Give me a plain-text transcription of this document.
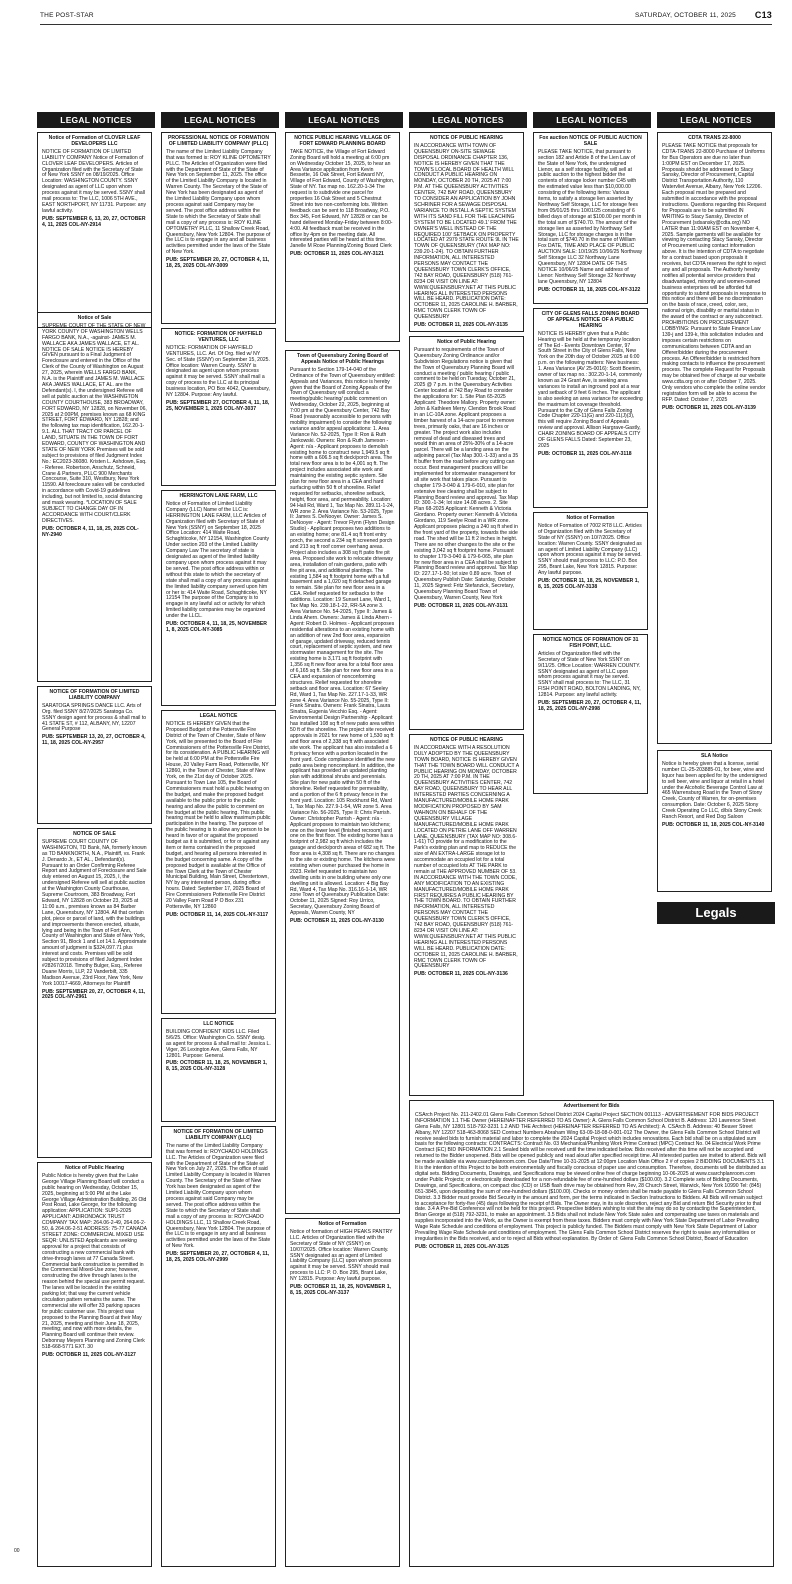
THE POST-STAR	SATURDAY, OCTOBER 11, 2025 C13
LEGAL NOTICES	LEGAL NOTICES	LEGAL NOTICES	LEGAL NOTICES	LEGAL NOTICES	LEGAL NOTICES
Notice of Formation of CLOVER LEAF DEVELOPERS LLC
NOTICE OF FORMATION OF LIMITED LIABILITY COMPANY Notice of Formation of CLOVER LEAF DEVELOPERS. Articles of Organization filed with the Secretary of State of New York SSNY on 08/19/2025. Office Location: WASHINGTON COUNTY. SSNY designated as agent of LLC upon whom process against it may be served. SSNY shall mail process to: The LLC, 1006 5TH AVE., EAST NORTHPORT, NY 11731. Purpose: any lawful activity.
PUB: SEPTEMBER 6, 13, 20, 27, OCTOBER 4, 11, 2025 COL-NY-2914
Notice of Sale
SUPREME COURT OF THE STATE OF NEW YORK COUNTY OF WASHINGTON WELLS FARGO BANK, N.A., -against- JAMES M. WALLACE AKA JAMES WALLACE, ET AL. NOTICE OF SALE NOTICE IS HEREBY GIVEN pursuant to a Final Judgment of Foreclosure and entered in the Office of the Clerk of the County of Washington on August 27, 2025, wherein WELLS FARGO BANK, N.A. is the Plaintiff and JAMES M. WALLACE AKA JAMES WALLACE, ET AL. are the Defendant(s). I, the undersigned Referee will sell at public auction at the WASHINGTON COUNTY COURTHOUSE, 383 BROADWAY, FORT EDWARD, NY 12828, on November 06, 2025 at 2:00PM, premises known as 68 KING STREET, FORT EDWARD, NY 12828; and the following tax map identification, 162.20-1-9.1. ALL THAT TRACT OR PARCEL OF LAND, SITUATE IN THE TOWN OF FORT EDWARD, COUNTY OF WASHINGTON AND STATE OF NEW YORK Premises will be sold subject to provisions of filed Judgment Index No.: EC2023-36080. Kristen L. Ashdown, Esq. - Referee. Robertson, Anschutz, Schneid, Crane & Partners, PLLC 900 Merchants Concourse, Suite 310, Westbury, New York 11590. All foreclosure sales will be conducted in accordance with Covid-19 guidelines including, but not limited to, social distancing and mask wearing. *LOCATION OF SALE SUBJECT TO CHANGE DAY OF IN ACCORDANCE WITH COURT/CLERK DIRECTIVES.
PUB: OCTOBER 4, 11, 18, 25, 2025 COL-NY-2940
NOTICE OF FORMATION OF LIMITED LIABILITY COMPANY
SARATOGA SPRINGS DANCE LLC. Arts of Org. filed SSNY 8/27/2025 Saratoga Co. SSNY design agent for process & shall mail to 41 STATE ST, # 112, ALBANY, NY, 12207 General Purpose
PUB: SEPTEMBER 13, 20, 27, OCTOBER 4, 11, 18, 2025 COL-NY-2957
NOTICE OF SALE
SUPREME COURT COUNTY OF WASHINGTON, TD Bank, NA, formerly known as TD BANKNORTH, N.A., Plaintiff, vs. Frank J. Denardo Jr., ET AL., Defendant(s). Pursuant to an Order Confirming Referee Report and Judgment of Foreclosure and Sale duly entered on August 15, 2025, I, the undersigned Referee will sell at public auction at the Washington County Courthouse, Supreme Courtroom, 383 Broadway, Fort Edward, NY 12828 on October 23, 2025 at 11:00 a.m., premises known as 84 Barber Lane, Queensbury, NY 12804. All that certain plot, piece or parcel of land, with the buildings and improvements thereon erected, situate, lying and being in the Town of Fort Ann, County of Washington and State of New York, Section 91, Block 1 and Lot 14.1. Approximate amount of judgment is $324,097.71 plus interest and costs. Premises will be sold subject to provisions of filed Judgment Index #28267/2018. Timothy Bulger, Esq., Referee Duane Morris, LLP, 22 Vanderbilt, 335 Madison Avenue, 23rd Floor, New York, New York 10017-4669, Attorneys for Plaintiff
PUB: SEPTEMBER 20, 27, OCTOBER 4, 11, 2025 COL-NY-2961
Notice of Public Hearing
Public Notice is hereby given that the Lake George Village Planning Board will conduct a public hearing on Wednesday, October 15, 2025, beginning at 5:00 PM at the Lake George Village Administration Building, 26 Old Post Road, Lake George, for the following application: APPLICATION: SUP1-2025 APPLICANT: ADIRONDACK TRUST COMPANY TAX MAP: 264.06-2-49, 264.06-2-50, & 264.06-2-51 ADDRESS: 75-77 CANADA STREET ZONE: COMMERCIAL MIXED USE SEQR: UNLISTED Applicants are seeking approval for a project that consists of constructing a new commercial bank with drive-through lanes at 77 Canada Street. Commercial bank construction is permitted in the Commercial Mixed-Use zone; however, constructing the drive through lanes is the reason behind the special use permit request. The lanes will be located in the existing parking lot; that way the current vehicle circulation pattern remains the same. The commercial site will offer 33 parking spaces for public customer use. This project was proposed to the Planning Board at their May 21, 2025, meeting and their June 18, 2025, meeting; and now with more details, the Planning Board will continue their review. Debonnay Meyers Planning and Zoning Clerk 518-668-5771 EXT. 30
PUB: OCTOBER 11, 2025 COL-NY-3127
PROFESSIONAL NOTICE OF FORMATION OF LIMITED LIABILITY COMPANY (PLLC)
The name of the Limited Liability Company that was formed is: ROY KLINE OPTOMETRY PLLC. The Articles of Organization were filed with the Department of State of the State of New York on September 11, 2025. The office of the Limited Liability Company is located in Warren County. The Secretary of the State of New York has been designated as agent of the Limited Liability Company upon whom process against said Company may be served. The post office address within the State to which the Secretary of State shall mail a copy of any process is: ROY KLINE OPTOMETRY PLLC, 11 Shallow Creek Road, Queensbury, New York 12804. The purpose of the LLC is to engage in any and all business activities permitted under the laws of the State of New York.
PUB: SEPTEMBER 20, 27, OCTOBER 4, 11, 18, 25, 2025 COL-NY-3009
NOTICE: FORMATION OF HAYFIELD VENTURES, LLC
NOTICE: FORMATION OF HAYFIELD VENTURES, LLC. Art. Of Org. filed w/ NY Sec. of State (SSNY) on September 15, 2025. Office location: Warren County. SSNY is designated as agent upon whom process against it may be served. SSNY shall mail a copy of process to the LLC at its principal business location, PO Box 4042, Queensbury, NY 12804. Purpose: Any lawful.
PUB: SEPTEMBER 27, OCTOBER 4, 11, 18, 25, NOVEMBER 1, 2025 COL-NY-3037
HERRINGTON LANE FARM, LLC
Notice of Formation of Limited Liability Company (LLC) Name of the LLC is: HERRINGTON LANE FARM, LLC Articles of Organization filed with Secretary of State of New York (SSNY) on September 18, 2025 Office Location: 414 Waite Road, Schaghticoke, NY 12154, Washington County Under section 203 of the Limited Liability Company Law The secretary of state is designated as agent of the limited liability company upon whom process against it may be served. The post office address within or without this state to which the secretary of state shall mail a copy of any process against the limited liability company served upon him or her is: 414 Waite Road, Schaghticoke, NY 12154 The purpose of the Company is to engage in any lawful act or activity for which limited liability companies may be organized under the LLCL.
PUB: OCTOBER 4, 11, 18, 25, NOVEMBER 1, 8, 2025 COL-NY-3085
LEGAL NOTICE
NOTICE IS HEREBY GIVEN that the Proposed Budget of the Pottersville Fire District of the Town of Chester, State of New York, will be presented to the Board of Fire Commissioners of the Pottersville Fire District, for its consideration. A PUBLIC HEARING will be held at 6:00 PM at the Pottersville Fire House, 20 Valley Farm Road, Pottersville, NY 12860, in the Town of Chester, State of New York, on the 21st day of October 2025. Pursuant to Town Law 105, the Board of Commissioners must hold a public hearing on the budget, and make the proposed budget available to the public prior to the public hearing and allow the public to comment on the budget at the public hearing. This public hearing must be held to allow maximum public participation in the hearing. The purpose of the public hearing is to allow any person to be heard in favor of or against the proposed budget as it is submitted, or for or against any item or items contained in the proposed budget, and hearing all persons interested in the budget concerning same. A copy of the proposed budget is available at the Office of the Town Clerk at the Town of Chester Municipal Building, Main Street, Chestertown, NY by any interested person, during office hours. Dated: September 17, 2025 Board of Fire Commissioners Pottersville Fire District 20 Valley Farm Road P O Box 231 Pottersville, NY 12860
PUB: OCTOBER 11, 14, 2025 COL-NY-3117
LLC NOTICE
BUILDING CONFIDENT KIDS LLC. Filed 5/6/25. Office: Washington Co. SSNY desig. as agent for process & shall mail to: Jessica L. Viger, 26 Lexington Ave, Glens Falls, NY 12801. Purpose: General.
PUB: OCTOBER 11, 18, 25, NOVEMBER 1, 8, 15, 2025 COL-NY-3128
NOTICE OF FORMATION OF LIMITED LIABILITY COMPANY (LLC)
The name of the Limited Liability Company that was formed is: ROYCHADO HOLDINGS LLC. The Articles of Organization were filed with the Department of State of the State of New York on July 27, 2025. The office of said Limited Liability Company is located in Warren County. The Secretary of the State of New York has been designated as agent of the Limited Liability Company upon whom process against said Company may be served. The post office address within the State to which the Secretary of State shall mail a copy of any process is: ROYCHADO HOLDINGS LLC, 11 Shallow Creek Road, Queensbury, New York 12804. The purpose of the LLC is to engage in any and all business activities permitted under the laws of the State of New York.
PUB: SEPTEMBER 20, 27, OCTOBER 4, 11, 18, 25, 2025 COL-NY-2999
NOTICE PUBLIC HEARING VILLAGE OF FORT EDWARD PLANNING BOARD
TAKE NOTICE, the Village of Fort Edward Zoning Board will hold a meeting at 6:00 pm on Wednesday October 15, 2025, to hear an Area Variance application from Kevin Bessette, 16 Oak Street, Fort Edward NY, Village of Fort Edward, County of Washington, State of NY. Tax map no. 162.20-1-34 The request is to subdivide one parcel for properties 16 Oak Street and 5 Chestnut Street into two non-conforming lots. Written feedback can be sent to 118 Broadway, P.O. Box 345, Fort Edward, NY 12828 or can be hand delivered Monday-Friday between 8:00-4:00. All feedback must be received in the office by 4pm on the meeting date. All interested parties will be heard at this time. Janelle M Rose Planning/Zoning Board Clerk
PUB: OCTOBER 11, 2025 COL-NY-3121
Town of Queensbury Zoning Board of Appeals Notice of Public Hearings
Pursuant to Section 179-14-040 of the Ordinance of the Town of Queensbury entitled: Appeals and Variances, this notice is hereby given that the Board of Zoning Appeals of the Town of Queensbury will conduct a meeting/public hearing/ public comment on Wednesday, October 22, 2025, beginning at 7:00 pm at the Queensbury Center, 742 Bay Road (reasonably accessible to persons with mobility impairment) to consider the following variance and/or appeal applications: 1. Area Variance No. 52-2025, Type II: Ron & Ruth Jankowski. Owners: Ron & Ruth Jameson - Agent: n/a - Applicant proposes to demolish existing home to construct new 1,949.5 sq ft home with a 606.5 sq ft deck/porch area. The total new floor area is to be 4,001 sq ft. The project includes associated site work and maintaining the existing septic system. Site plan for new floor area in a CEA and hard surfacing within 50 ft of shoreline. Relief requested for setbacks, shoreline setback, height, floor area, and permeability. Location: 94 Hall Rd, Ward 1, Tax Map No. 289.11-1-24, WR zone 2. Area Variance No. 53-2025, Type II: James S. DeNooyer. Owner: James S. DeNooyer - Agent: Trevor Flynn (Flynn Design Studio) - Applicant proposes two additions to an existing home; one 81.4 sq ft front entry porch, the second a 234 sq ft screened porch and 213 sq ft roof corner overhang areas. Project also includes a 308 sq ft patio fire pit area. Proposed site work to relocate driveway area, installation of rain gardens, patio with fire pit area, and additional plantings. The existing 1,584 sq ft footprint home with a full basement and a 1,020 sq ft detached garage to remain. Site plan for new floor area in a CEA. Relief requested for setbacks to the additions. Location: 19 Sunset Lane, Ward 1, Tax Map No. 239.18-1-22, RR-5A zone 3. Area Variance No. 54-2025, Type II: James & Linda Ahern. Owners: James & Linda Ahern - Agent: Robert D. Holmes - Applicant proposes residential alterations to an existing home with an addition of new 2nd floor area, expansion of garage, updated driveway, reduced tennis court, replacement of septic system, and new stormwater management for the site. The existing home is 3,171 sq ft footprint with 1,356 sq ft new floor area for a total floor area of 6,165 sq ft. Site plan for new floor area in a CEA and expansion of nonconforming structures. Relief requested for shoreline setback and floor area. Location: 67 Seeley Rd, Ward 1, Tax Map No. 227.17-1-33, WR zone 4. Area Variance No. 55-2025, Type II: Frank Sinatra. Owners: Frank Sinatra, Laura Sinatra, Eugenia Vecchio Esq. - Agent: Environmental Design Partnership - Applicant has installed 108 sq ft of new patio area within 50 ft of the shoreline. The project site received approvals in 2021 for new home of 1,530 sq ft and floor area of 2,338 sq ft with associated site work. The applicant has also installed a 6 ft privacy fence with a portion located in the front yard. Code compliance identified the new patio area being noncompliant. In addition, the applicant has provided an updated planting plan with additional shrubs and perennials. Site plan for new patio within 50 ft of the shoreline. Relief requested for permeability, and a portion of the 6 ft privacy fence in the front yard. Location: 105 Rockhurst Rd, Ward 1, Tax Map No. 227.9-1-54, WR zone 5. Area Variance No. 56-2025, Type II: Chris Parrish. Owner: Christopher Parrish - Agent: n/a - Applicant proposes to maintain two kitchens; one on the lower level (finished recroom) and one on the first floor. The existing home has a footprint of 2,982 sq ft which includes the garage and deck/porch areas of 682 sq ft. The floor area is 4,308 sq ft. There are no changes to the site or existing home. The kitchens were existing when owner purchased the home in 2023. Relief requested to maintain two dwelling units in one building where only one dwelling unit is allowed. Location: 4 Big Bay Rd, Ward 4, Tax Map No. 316.16-1-14, WR zone Town of Queensbury Publication Date: October 11, 2025 Signed: Roy Urrico, Secretary, Queensbury Zoning Board of Appeals, Warren County, NY
PUB: OCTOBER 11, 2025 COL-NY-3130
Notice of Formation
Notice of formation of HIGH PEAKS PANTRY LLC. Articles of Organization filed with the Secretary of State of NY (SSNY) on 10/07/2025. Office location: Warren County. SSNY designated as an agent of Limited Liability Company (LLC) upon whom process against it may be served. SSNY should mail process to LLC: P. O. Box 295, Brant Lake, NY 12815. Purpose: Any lawful purpose.
PUB: OCTOBER 11, 18, 25, NOVEMBER 1, 8, 15, 2025 COL-NY-3137
NOTICE OF PUBLIC HEARING
IN ACCORDANCE WITH TOWN OF QUEENSBURY ON-SITE SEWAGE DISPOSAL ORDINANCE CHAPTER 136, NOTICE IS HEREBY GIVEN THAT THE TOWN'S LOCAL BOARD OF HEALTH WILL CONDUCT A PUBLIC HEARING ON MONDAY, OCTOBER 20 TH, 2025 AT 7:00 P.M. AT THE QUEENSBURY ACTIVITIES CENTER, 742 BAY ROAD, QUEENSBURY TO CONSIDER AN APPLICATION BY JOHN SCHRINER FOR A SEWAGE DISPOSAL VARIANCE TO INSTALL A SEPTIC SYSTEM WITH ITS SAND FILL FOR THE LEACHING SYSTEM TO BE LOCATED 49.1' FROM THE OWNER'S WELL INSTEAD OF THE REQUIRED 100' SETBACK ON PROPERTY LOCATED AT 2979 STATE ROUTE 9L IN THE TOWN OF QUEENSBURY (TAX MAP NO: 239.20-1-24). TO OBTAIN FURTHER INFORMATION, ALL INTERESTED PERSONS MAY CONTACT THE QUEENSBURY TOWN CLERK'S OFFICE, 742 BAY ROAD, QUEENSBURY (518) 761-8234 OR VISIT ON LINE AT: WWW.QUEENSBURY.NET AT THIS PUBLIC HEARING ALL INTERESTED PERSONS WILL BE HEARD. PUBLICATION DATE: OCTOBER 11, 2025 CAROLINE H. BARBER, RMC TOWN CLERK TOWN OF QUEENSBURY
PUB: OCTOBER 11, 2025 COL-NY-3135
Notice of Public Hearing
Pursuant to requirements of the Town of Queensbury Zoning Ordinance and/or Subdivision Regulations notice is given that the Town of Queensbury Planning Board will conduct a meeting / public hearing / public comment to be held on Tuesday, October 21, 2025 @ 7 p.m. in the Queensbury Activities Center located at 742 Bay Road to consider the applications for: 1. Site Plan 65-2025 Applicant: Theodore Mallory. Property owner: John & Kathleen Merry. Clendon Brook Road in an LC-10A zone. Applicant proposes a timber harvest of a 14-acre parcel to remove trees, primarily oaks, that are 16 inches or greater. The project work also includes removal of dead and diseased trees and would thin an area of 25%-30% of a 14-acre parcel. There will be a landing area on the adjoining parcel (Tax Map 300.-1-33) and a 35 ft buffer from the road before any cutting can occur. Best management practices will be implemented for stormwater management for all site work that takes place. Pursuant to chapter 179-3-040 & 179-6-010, site plan for extensive tree clearing shall be subject to Planning Board review and approval. Tax Map ID: 300.-1-34; lot size 14.08 acres. 2. Site Plan 68-2025 Applicant: Kenneth & Victoria Giordano. Property owner: Kenneth & Victoria Giordano, 119 Seelye Road in a WR zone. Applicant proposes placing a 240 sq ft shed in the front yard of the property, towards the side road. The shed will be 11 ft 2 inches in height. There are no other changes to the site or the existing 3,042 sq ft footprint home. Pursuant to chapter 179-3-040 & 179-6-065, site plan for new floor area in a CEA shall be subject to Planning Board review and approval. Tax Map ID: 227.17-1-50; lot size 0.89 acre. Town of Queensbury Publish Date: Saturday, October 11, 2025 Signed: Fritz Stefanzick, Secretary, Queensbury Planning Board Town of Queensbury, Warren County, New York
PUB: OCTOBER 11, 2025 COL-NY-3131
NOTICE OF PUBLIC HEARING
IN ACCORDANCE WITH A RESOLUTION DULY ADOPTED BY THE QUEENSBURY TOWN BOARD, NOTICE IS HEREBY GIVEN THAT THE TOWN BOARD WILL CONDUCT A PUBLIC HEARING ON MONDAY, OCTOBER 20 TH, 2025 AT 7:00 P.M. IN THE QUEENSBURY ACTIVITIES CENTER, 742 BAY ROAD, QUEENSBURY TO HEAR ALL INTERESTED PARTIES CONCERNING A MANUFACTURED/MOBILE HOME PARK MODIFICATION PROPOSED BY SAM WAHNON ON BEHALF OF THE QUEENSBURY VILLAGE MANUFACTURED/MOBILE HOME PARK LOCATED ON PETRIE LANE OFF WARREN LANE, QUEENSBURY (TAX MAP NO: 308.6-1-61) TO provide for a modification to the Park's existing plan and map to REDUCE the size of AN EXTRA-LARGE storage lot to accommodate an occupied lot for a total number of occupied lots AT THE PARK to remain at THE APPROVED NUMBER OF 53. IN ACCORDANCE WITH THE TOWN CODE, ANY MODIFICATION TO AN EXISTING MANUFACTURED/MOBILE HOME PARK FIRST REQUIRES A PUBLIC HEARING BY THE TOWN BOARD. TO OBTAIN FURTHER INFORMATION, ALL INTERESTED PERSONS MAY CONTACT THE QUEENSBURY TOWN CLERK'S OFFICE, 742 BAY ROAD, QUEENSBURY (518) 761-8234 OR VISIT ON LINE AT: WWW.QUEENSBURY.NET AT THIS PUBLIC HEARING ALL INTERESTED PERSONS WILL BE HEARD. PUBLICATION DATE: OCTOBER 11, 2025 CAROLINE H. BARBER, RMC TOWN CLERK TOWN OF QUEENSBURY
PUB: OCTOBER 11, 2025 COL-NY-3136
Fox auction NOTICE OF PUBLIC AUCTION SALE
PLEASE TAKE NOTICE, that pursuant to section 182 and Article 8 of the Lien Law of the State of New York, the undersigned Lienor, as a self storage facility, will sell at public auction to the highest bidder the contents of storage locker number C45 with the estimated value less than $10,000.00 consisting of the following items: Various items, to satisfy a storage lien asserted by Northway Self Storage, LLC for storage fees from 05/01/25 thru 10/01/25 consisting of 6 billed days of storage at $100.00 per month in the total sum of $740.70. The amount of the storage lien as asserted by Northway Self Storage, LLC for storage charges is in the total sum of $740.70 in the name of William Fox DATE, TIME AND PLACE OF PUBLIC AUCTION SALE: 10/19/25 10/06/25 Northway Self Storage LLC 32 Northway Lane Queensbury, NY 12804 DATE OF THIS NOTICE 10/06/25 Name and address of Lienor: Northway Self Storage 32 Northway lane Queensbury, NY 12804
PUB: OCTOBER 11, 18, 2025 COL-NY-3122
CITY OF GLENS FALLS ZONING BOARD OF APPEALS NOTICE OF A PUBLIC HEARING
NOTICE IS HEREBY given that a Public Hearing will be held at the temporary location of The Ed - Events Downtown Center, 97 South Street in the City of Glens Falls, New York on the 20th day of October 2025 at 6:00 p.m. on the following matters: New business: 1. Area Variance (AV 25-0016): Scott Boenim, owner of tax map no.: 302.20-1-14, commonly known as 24 Grant Ave, is seeking area variances to install an inground pool at a rear yard setback of 9 feet 6 inches. The applicant is also seeking an area variance for exceeding the maximum lot coverage threshold. Pursuant to the City of Glens Falls Zoning Code Chapter 220-11(G) and 220-11(J)(3), this will require Zoning Board of Appeals review and approval. Allison Hargrave-Gastly, CHAIR ZONING BOARD OF APPEALS CITY OF GLENS FALLS Dated: September 23, 2025
PUB: OCTOBER 11, 2025 COL-NY-3118
Notice of Formation
Notice of Formation of 7002 RT8 LLC. Articles of Organization filed with the Secretary of State of NY (SSNY) on 10/7/2025. Office location: Warren County. SSNY designated as an agent of Limited Liability Company (LLC) upon whom process against it may be served. SSNY should mail process to LLC: P.O. Box 295, Brant Lake, New York 12815. Purpose: Any lawful purpose.
PUB: OCTOBER 11, 18, 25, NOVEMBER 1, 8, 15, 2025 COL-NY-3138
NOTICE NOTICE OF FORMATION OF 31 FISH POINT, LLC.
Articles of Organization filed with the Secretary of State of New York SSNY on 9/11/25. Office Location: WARREN COUNTY. SSNY designated as agent of LLC upon whom process against it may be served. SSNY shall mail process to: The LLC, 31 FISH POINT ROAD, BOLTON LANDING, NY, 12814. Purpose: any lawful activity.
PUB: SEPTEMBER 20, 27, OCTOBER 4, 11, 18, 25, 2025 COL-NY-2998
CDTA TRANS 22-8000
PLEASE TAKE NOTICE that proposals for CDTA-TRANS 22-8000 Purchase of Uniforms for Bus Operators are due no later than 1:00PM EST on December 17, 2025. Proposals should be addressed to Stacy Sansky, Director of Procurement, Capital District Transportation Authority, 110 Watervliet Avenue, Albany, New York 12206. Each proposal must be prepared and submitted in accordance with the proposal instructions. Questions regarding this Request for Proposals are to be submitted IN WRITING to Stacy Sansky, Director of Procurement (sdsansky@cdta.org) NO LATER than 11:00AM EST on November 4, 2025. Sample garments will be available for viewing by contacting Stacy Sansky, Director of Procurement using contact information above. It is the intention of CDTA to negotiate for a contract based upon proposals it receives, but CDTA reserves the right to reject any and all proposals. The Authority hereby notifies all potential service providers that disadvantaged, minority and women-owned business enterprises will be afforded full opportunity to submit proposals in response to this notice and there will be no discrimination on the basis of race, creed, color, sex, national origin, disability or marital status in the award of the contract or any subcontract. PROHIBITIONS ON PROCUREMENT LOBBYING: Pursuant to State Finance Law 139-j and 139-k, this solicitation includes and imposes certain restrictions on communications between CDTA and an Offerer/bidder during the procurement process. An Offerer/bidder is restricted from making contacts to influence the procurement process. The complete Request for Proposals may be obtained free of charge at our website www.cdta.org on or after October 7, 2025. Only vendors who complete the online vendor registration form will be able to access the RFP. Dated: October 7, 2025
PUB: OCTOBER 11, 2025 COL-NY-3139
SLA Notice
Notice is hereby given that a license, serial number CL-25-203885-01, for beer, wine and liquor has been applied for by the undersigned to sell beer, wine and liquor at retail in a hotel under the Alcoholic Beverage Control Law at 465 Warrensburg Road in the Town of Stony Creek, County of Warren, for on-premises consumption. Date: October 6, 2025 Stony Creek Operating Co LLC, d/b/a Stony Creek Ranch Resort, and Red Dog Saloon
PUB: OCTOBER 11, 18, 2025 COL-NY-3140
Legals
Advertisement for Bids
CSArch Project No. 211-2402.01 Glens Falls Common School District 2024 Capital Project SECTION 001113 - ADVERTISEMENT FOR BIDS PROJECT INFORMATION 1.1 THE Owner (HEREINAFTER REFERRED TO AS Owner): A. Glens Falls Common School District B. Address: 120 Lawrence Street Glens Falls, NY 12801 518-792-3231 1.2 AND THE Architect (HEREINAFTER REFERRED TO AS Architect): A. CSArch B. Address: 40 Beaver Street Albany, NY 12207 518-463-8068 SED Contract Numbers Abraham Wing 63-09-18-08-0-001-012 The Owner, the Glens Falls Common School District will receive sealed bids to furnish material and labor to complete the 2024 Capital Project which includes renovations. Each bid shall be on a stipulated sum basis for the following contracts: CONTRACTS: Contract No. 03 Mechanical/Plumbing Work Prime Contract (MPC) Contract No. 04 Electrical Work Prime Contract (EC) BID INFORMATION 2.1 Sealed bids will be received until the time indicated below. Bids received after this time will not be accepted and returned to the Bidder unopened. Bids will be opened publicly and read aloud after specified receipt time. All interested parties are invited to attend. Bids will be made available via www.csarchplanroom.com. Due Date/Time 10-31-2025 at 12:00pm Location Main Office 2 # of copies 2 BIDDING DOCUMENTS 3.1 It is the intention of this Project to be both environmentally and fiscally conscious of paper use and consumption. Therefore, documents will be distributed as digital sets. Bidding Documents, Drawings, and Specifications may be viewed online free of charge beginning 10-06-2025 at www.csarchplanroom.com under Public Projects; or electronically downloaded for a non-refundable fee of one-hundred dollars ($100.00). 3.2 Complete sets of Bidding Documents, Drawings, and Specifications, on compact disc (CD) or USB flash drive may be obtained from Rev, 28 Church Street, Warwick, New York 10990 Tel: (845) 651-3845, upon depositing the sum of one-hundred dollars ($100.00). Checks or money orders shall be made payable to Glens Falls Common School District. 3.3 Bidder must provide Bid Security in the amount and form, per the terms indicated in Section Instructions to Bidders. All Bids will remain subject to acceptance for forty-five (45) days following the receipt of Bids. The Owner may, in its sole discretion, reject any Bid and return Bid Security prior to that date. 3.4 A Pre-Bid Conference will not be held for this project. Prospective bidders wishing to visit the site may do so by contacting the Superintendent, Brian George at (518) 792-3231, to make an appointment. 3.5 Bids shall not include New York State sales and compensating use taxes on materials and supplies incorporated into the Work, as the Owner is exempt from these taxes. Bidders must comply with New York State Department of Labor Prevailing Wage Rate Schedule and conditions of employment. This project is publicly funded. The Bidders must comply with New York State Department of Labor Prevailing Wage Rate Schedule and conditions of employment. The Glens Falls Common School District reserves the right to waive any informalities or irregularities in the Bids received, and or to reject all Bids without explanation. By Order of: Glens Falls Common School District, Board of Education
PUB: OCTOBER 11, 2025 COL-NY-3125
00
